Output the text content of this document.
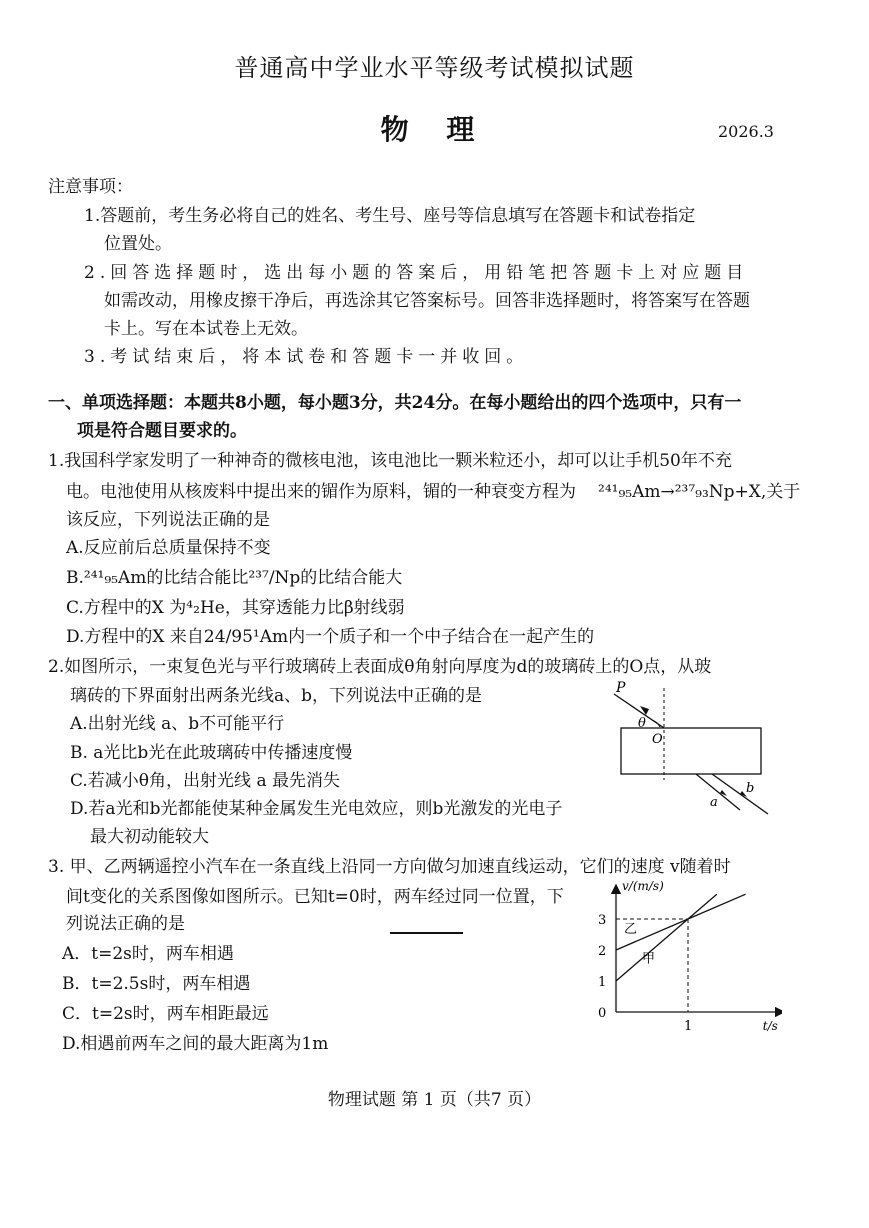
普通高中学业水平等级考试模拟试题
物 理	2026.3
注意事项：
1.答题前，考生务必将自己的姓名、考生号、座号等信息填写在答题卡和试卷指定
位置处。
2.回答选择题时，选出每小题的答案后，用铅笔把答题卡上对应题目
如需改动，用橡皮擦干净后，再选涂其它答案标号。回答非选择题时，将答案写在答题
卡上。写在本试卷上无效。
3.考试结束后，将本试卷和答题卡一并收回。
一、单项选择题：本题共8小题，每小题3分，共24分。在每小题给出的四个选项中，只有一
项是符合题目要求的。
1.我国科学家发明了一种神奇的微核电池，该电池比一颗米粒还小，却可以让手机50年不充
电。电池使用从核废料中提出来的镅作为原料，镅的一种衰变方程为 ²⁴¹₉₅Am→²³⁷₉₃Np+X,关于
该反应，下列说法正确的是
A.反应前后总质量保持不变
B.²⁴¹₉₅Am的比结合能比²³⁷/Np的比结合能大
C.方程中的X 为⁴₂He，其穿透能力比β射线弱
D.方程中的X 来自24/95¹Am内一个质子和一个中子结合在一起产生的
2.如图所示，一束复色光与平行玻璃砖上表面成θ角射向厚度为d的玻璃砖上的O点，从玻
璃砖的下界面射出两条光线a、b，下列说法中正确的是
A.出射光线 a、b不可能平行
B. a光比b光在此玻璃砖中传播速度慢
C.若减小θ角，出射光线 a 最先消失
D.若a光和b光都能使某种金属发生光电效应，则b光激发的光电子
最大初动能较大
P
θ
O
a
b
3. 甲、乙两辆遥控小汽车在一条直线上沿同一方向做匀加速直线运动，它们的速度 v随着时
间t变化的关系图像如图所示。已知t=0时，两车经过同一位置，下
列说法正确的是
A．t=2s时，两车相遇
B．t=2.5s时，两车相遇
C．t=2s时，两车相距最远
D.相遇前两车之间的最大距离为1m
v/(m/s)
t/s
0
1
2
3
1
乙
甲
物理试题 第 1 页（共7 页）
